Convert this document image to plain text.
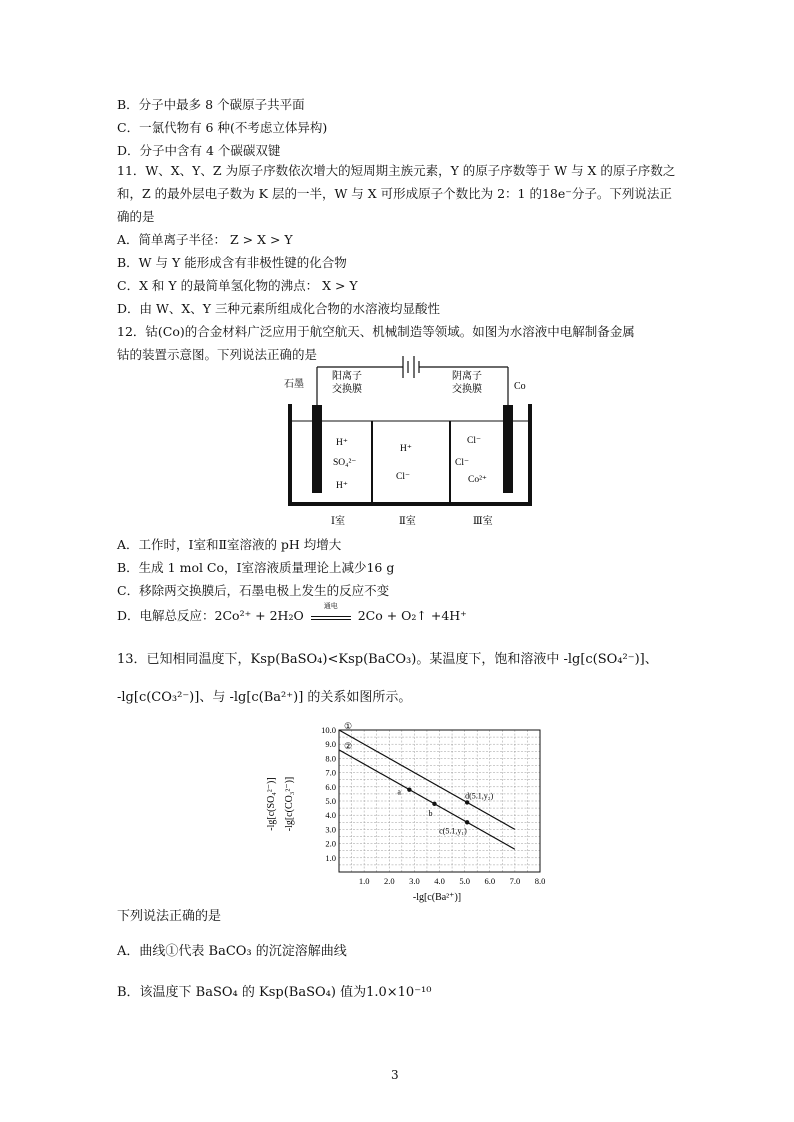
B．分子中最多 8 个碳原子共平面
C．一氯代物有 6 种(不考虑立体异构)
D．分子中含有 4 个碳碳双键
11．W、X、Y、Z 为原子序数依次增大的短周期主族元素，Y 的原子序数等于 W 与 X 的原子序数之
和，Z 的最外层电子数为 K 层的一半，W 与 X 可形成原子个数比为 2：1 的18e⁻分子。下列说法正
确的是
A．简单离子半径： Z > X > Y
B．W 与 Y 能形成含有非极性键的化合物
C．X 和 Y 的最简单氢化物的沸点： X > Y
D．由 W、X、Y 三种元素所组成化合物的水溶液均显酸性
12．钴(Co)的合金材料广泛应用于航空航天、机械制造等领域。如图为水溶液中电解制备金属
钴的装置示意图。下列说法正确的是
石墨
阳离子
交换膜
阴离子
交换膜	Co
H⁺
SO₄²⁻
H⁺
H⁺
Cl⁻
Cl⁻
Cl⁻
Co²⁺
Ⅰ室	Ⅱ室	Ⅲ室
A．工作时，Ⅰ室和Ⅱ室溶液的 pH 均增大
B．生成 1 mol Co，Ⅰ室溶液质量理论上减少16 g
C．移除两交换膜后，石墨电极上发生的反应不变
D．电解总反应：2Co²⁺ + 2H₂O
通电
2Co + O₂↑ +4H⁺
13．已知相同温度下，Ksp(BaSO₄)<Ksp(BaCO₃)。某温度下，饱和溶液中 -lg[c(SO₄²⁻)]、
-lg[c(CO₃²⁻)]、与 -lg[c(Ba²⁺)] 的关系如图所示。
1.0 2.0 3.0 4.0 5.0 6.0 7.0 8.0
1.0
2.0
3.0
4.0
5.0
6.0
7.0
8.0
9.0
10.0 ①
②
a
b
d(5.1,y₂)
c(5.1,y₁)
-lg[c(Ba²⁺)]
-lg[c(SO₄²⁻)] -lg[c(CO₃²⁻)]
下列说法正确的是
A．曲线①代表 BaCO₃ 的沉淀溶解曲线
B．该温度下 BaSO₄ 的 Ksp(BaSO₄) 值为1.0×10⁻¹⁰
3
